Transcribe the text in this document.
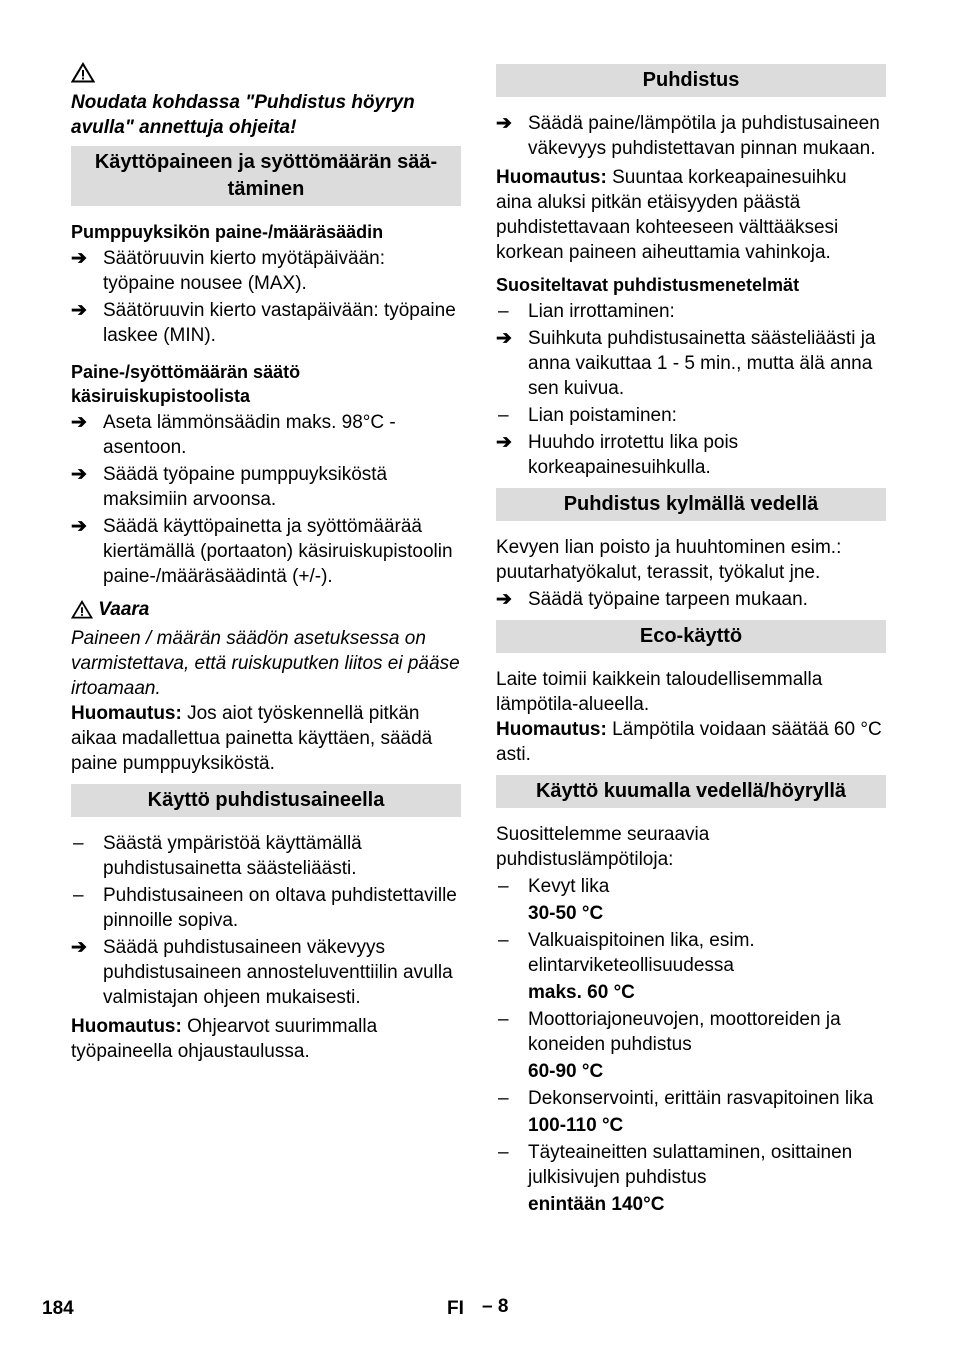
Noudata kohdassa "Puhdistus höyryn avulla" annettuja ohjeita!

Käyttöpaineen ja syöttömäärän sää-
täminen

Pumppuyksikön paine-/määräsäädin

➔ Säätöruuvin kierto myötäpäivään: työpaine nousee (MAX).
➔ Säätöruuvin kierto vastapäivään: työpaine laskee (MIN).

Paine-/syöttömäärän säätö käsiruiskupistoolista

➔ Aseta lämmönsäädin maks. 98°C -asentoon.
➔ Säädä työpaine pumppuyksiköstä maksimiin arvoonsa.
➔ Säädä käyttöpainetta ja syöttömäärää kiertämällä (portaaton) käsiruiskupistoolin paine-/määräsäädintä (+/-).

Vaara

Paineen / määrän säädön asetuksessa on varmistettava, että ruiskuputken liitos ei pääse irtoamaan.

Huomautus: Jos aiot työskennellä pitkän aikaa madallettua painetta käyttäen, säädä paine pumppuyksiköstä.

Käyttö puhdistusaineella
–	Säästä ympäristöä käyttämällä puhdistusainetta säästeliäästi.
–	Puhdistusaineen on oltava puhdistettaville pinnoille sopiva.
➔ Säädä puhdistusaineen väkevyys puhdistusaineen annosteluventtiilin avulla valmistajan ohjeen mukaisesti.

Huomautus: Ohjearvot suurimmalla työpaineella ohjaustaulussa.

Puhdistus
➔ Säädä paine/lämpötila ja puhdistusaineen väkevyys puhdistettavan pinnan mukaan.

Huomautus: Suuntaa korkeapainesuihku aina aluksi pitkän etäisyyden päästä puhdistettavaan kohteeseen välttääksesi korkean paineen aiheuttamia vahinkoja.

Suositeltavat puhdistusmenetelmät

–	Lian irrottaminen:
➔ Suihkuta puhdistusainetta säästeliäästi ja anna vaikuttaa 1 - 5 min., mutta älä anna sen kuivua.
–	Lian poistaminen:
➔ Huuhdo irrotettu lika pois korkeapainesuihkulla.
Puhdistus kylmällä vedellä

Kevyen lian poisto ja huuhtominen esim.: puutarhatyökalut, terassit, työkalut jne.

➔ Säädä työpaine tarpeen mukaan.
Eco-käyttö

Laite toimii kaikkein taloudellisemmalla lämpötila-alueella.

Huomautus: Lämpötila voidaan säätää 60 °C asti.

Käyttö kuumalla vedellä/höyryllä

Suosittelemme seuraavia puhdistuslämpötiloja:

–	Kevyt lika
30-50 °C
–	Valkuaispitoinen lika, esim. elintarviketeollisuudessa
maks. 60 °C
–	Moottoriajoneuvojen, moottoreiden ja koneiden puhdistus
60-90 °C
–	Dekonservointi, erittäin rasvapitoinen lika
100-110 °C
–	Täyteaineitten sulattaminen, osittainen julkisivujen puhdistus
enintään 140°C
184	FI – 8
